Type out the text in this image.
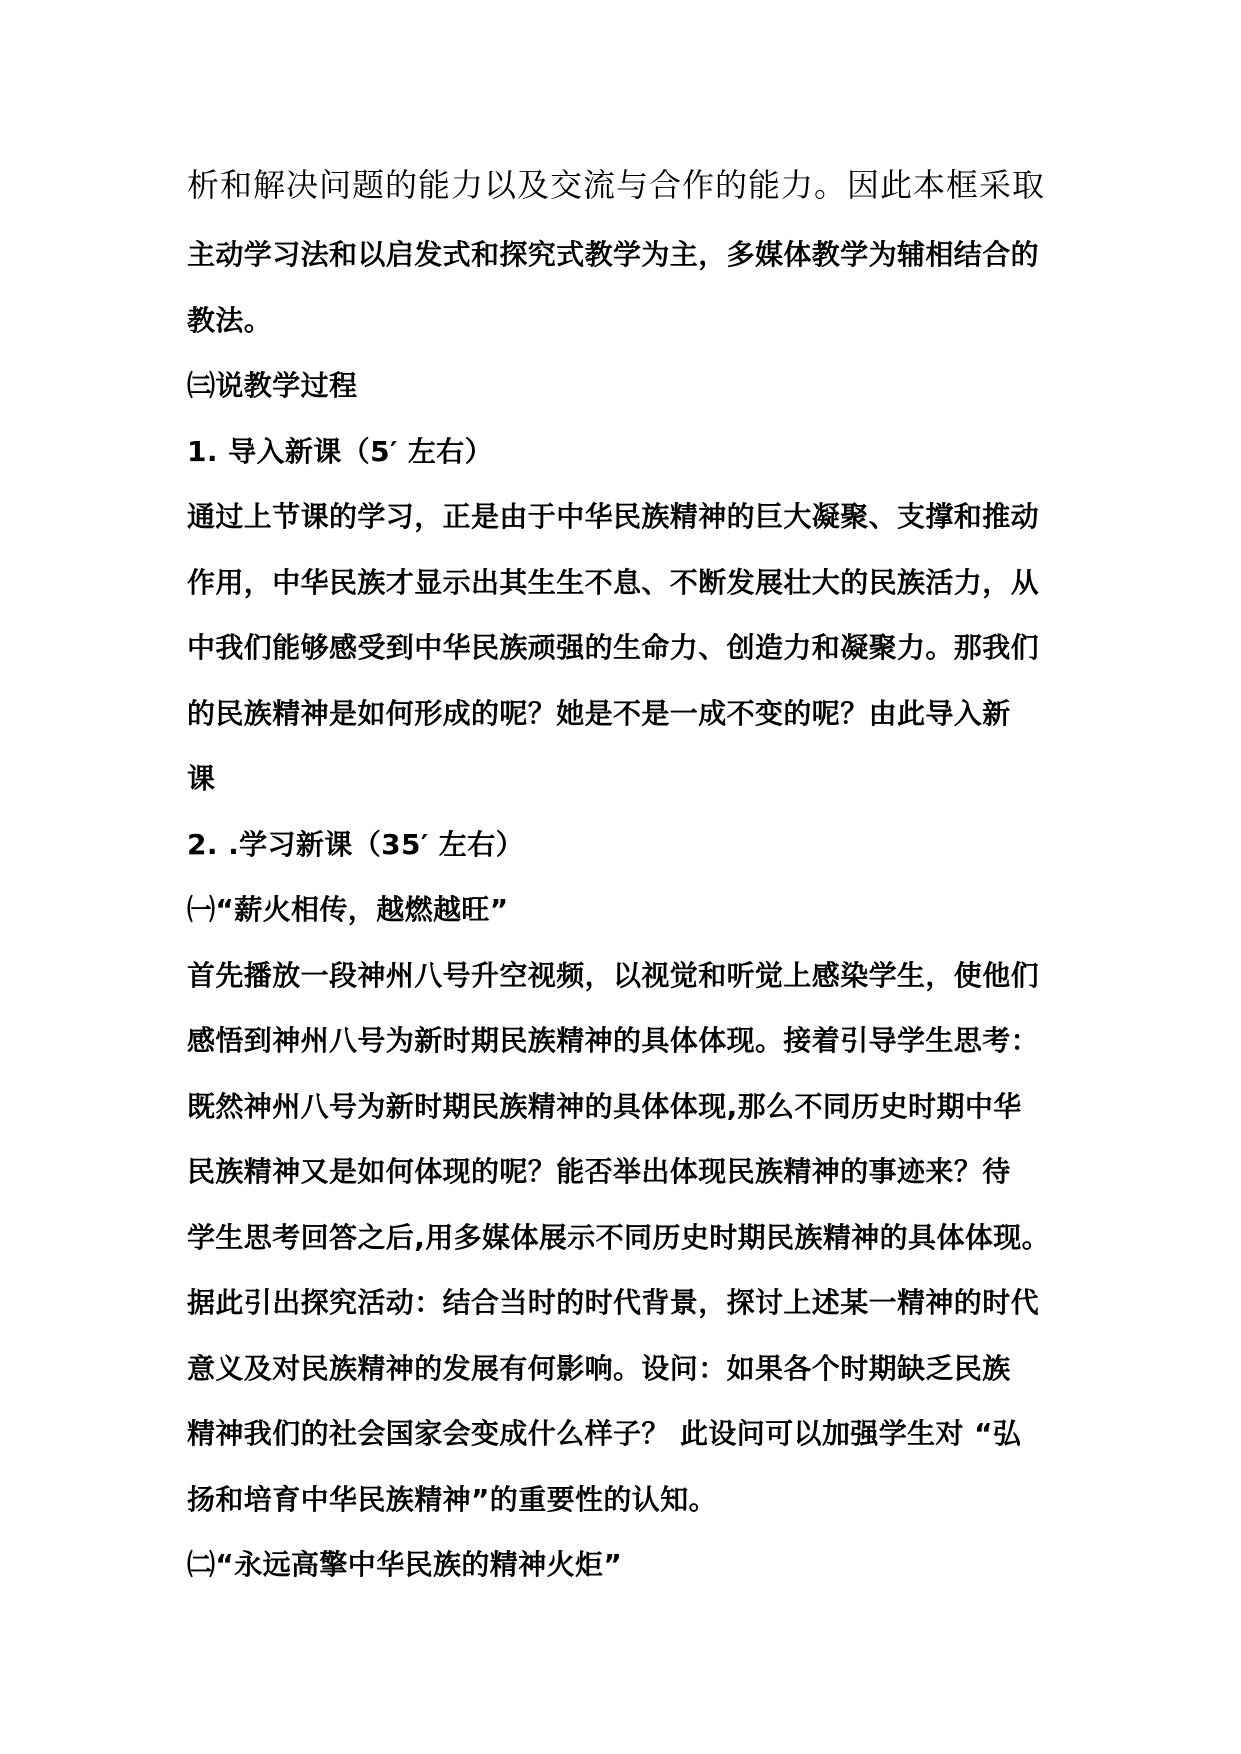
析和解决问题的能力以及交流与合作的能力。因此本框采取
主动学习法和以启发式和探究式教学为主，多媒体教学为辅相结合的
教法。
㈢说教学过程
1. 导入新课（5′ 左右）
通过上节课的学习，正是由于中华民族精神的巨大凝聚、支撑和推动
作用，中华民族才显示出其生生不息、不断发展壮大的民族活力，从
中我们能够感受到中华民族顽强的生命力、创造力和凝聚力。那我们
的民族精神是如何形成的呢？她是不是一成不变的呢？由此导入新
课
2. .学习新课（35′ 左右）
㈠“薪火相传，越燃越旺”
首先播放一段神州八号升空视频，以视觉和听觉上感染学生，使他们
感悟到神州八号为新时期民族精神的具体体现。接着引导学生思考：
既然神州八号为新时期民族精神的具体体现,那么不同历史时期中华
民族精神又是如何体现的呢？能否举出体现民族精神的事迹来？待
学生思考回答之后,用多媒体展示不同历史时期民族精神的具体体现。
据此引出探究活动：结合当时的时代背景，探讨上述某一精神的时代
意义及对民族精神的发展有何影响。设问：如果各个时期缺乏民族
精神我们的社会国家会变成什么样子？ 此设问可以加强学生对 “弘
扬和培育中华民族精神”的重要性的认知。
㈡“永远高擎中华民族的精神火炬”
